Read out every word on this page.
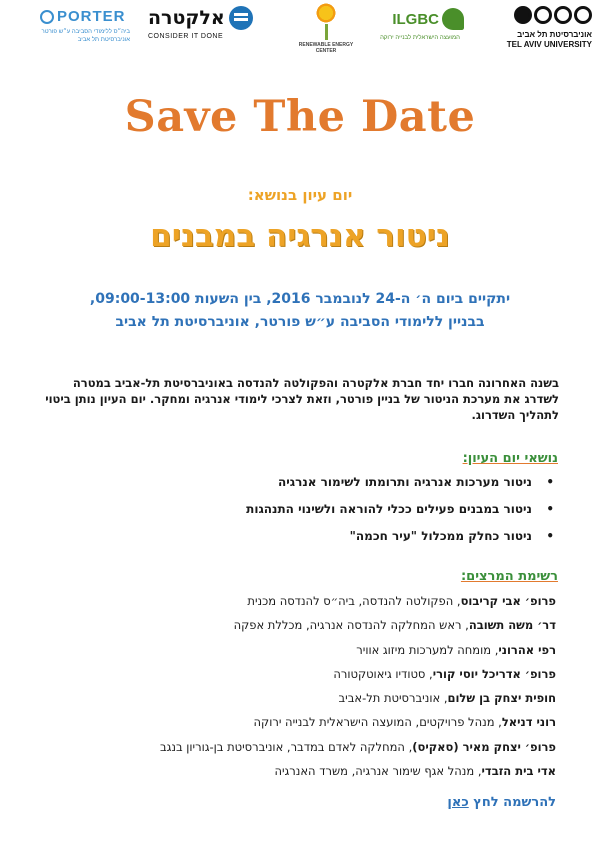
אוניברסיטת תל אביב
TEL AVIV UNIVERSITY
ILGBC
המועצה הישראלית לבנייה ירוקה
RENEWABLE ENERGY CENTER
אלקטרה
CONSIDER IT DONE
PORTER
ביה״ס ללימודי הסביבה ע״ש פורטר אוניברסיטת תל אביב
Save The Date
יום עיון בנושא:
ניטור אנרגיה במבנים
יתקיים ביום ה׳ ה-24 לנובמבר 2016, בין השעות 09:00-13:00,
בבניין ללימודי הסביבה ע״ש פורטר, אוניברסיטת תל אביב
בשנה האחרונה חברו יחד חברת אלקטרה והפקולטה להנדסה באוניברסיטת תל-אביב במטרה לשדרג את מערכת הניטור של בניין פורטר, וזאת לצרכי לימודי אנרגיה ומחקר. יום העיון נותן ביטוי לתהליך השדרוג.
נושאי יום העיון:
•
ניטור מערכות אנרגיה ותרומתו לשימור אנרגיה
•
ניטור במבנים פעילים ככלי להוראה ולשינוי התנהגות
•
ניטור כחלק ממכלול "עיר חכמה"
רשימת המרצים:
פרופ׳ אבי קריבוס, הפקולטה להנדסה, ביה״ס להנדסה מכנית
דר׳ משה תשובה, ראש המחלקה להנדסה אנרגיה, מכללת אפקה
רפי אהרוני, מומחה למערכות מיזוג אוויר
פרופ׳ אדריכל יוסי קורי, סטודיו גיאוטקטורה
חופית יצחק בן שלום, אוניברסיטת תל-אביב
רוני דניאל, מנהל פרויקטים, המועצה הישראלית לבנייה ירוקה
פרופ׳ יצחק מאיר (סאקיס), המחלקה לאדם במדבר, אוניברסיטת בן-גוריון בנגב
אדי בית הזבדי, מנהל אגף שימור אנרגיה, משרד האנרגיה
להרשמה לחץ כאן
